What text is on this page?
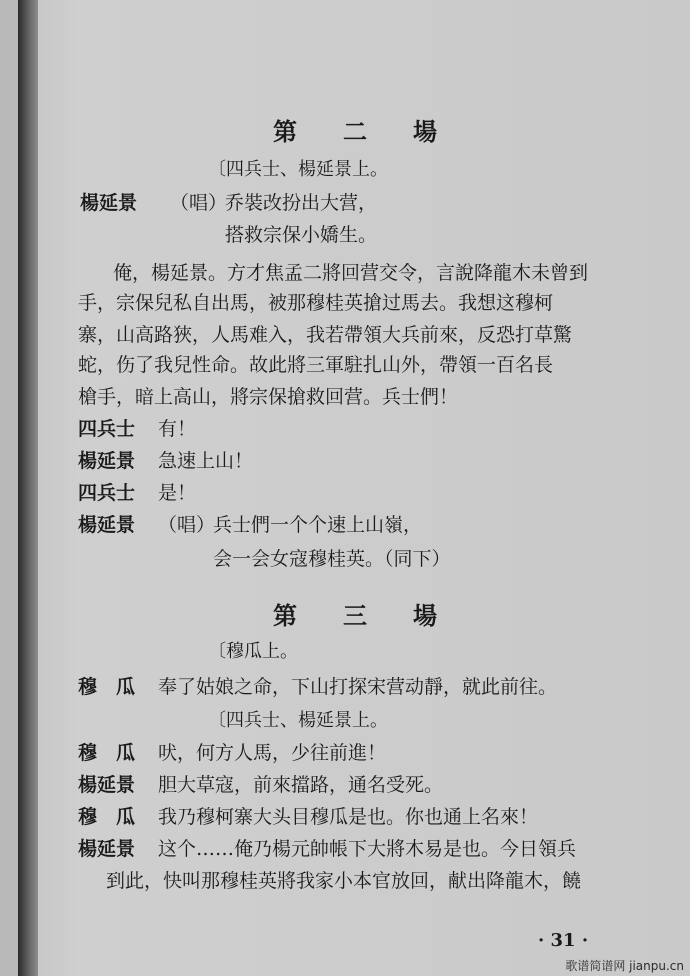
第二場
〔四兵士、楊延景上。
楊延景 （唱）
乔裝改扮出大营，
搭救宗保小嬌生。
俺，楊延景。方才焦孟二將回营交令，言說降龍木未曾到
手，宗保兒私自出馬，被那穆桂英搶过馬去。我想这穆柯
寨，山高路狹，人馬难入，我若帶領大兵前來，反恐打草驚
蛇，伤了我兒性命。故此將三軍駐扎山外，帶領一百名長
槍手，暗上高山，將宗保搶救回营。兵士們！
四兵士 有！
楊延景 急速上山！
四兵士 是！
楊延景 （唱）
兵士們一个个速上山嶺，
会一会女寇穆桂英。（同下）
第三場
〔穆瓜上。
穆　瓜 奉了姑娘之命，下山打探宋营动靜，就此前往。
〔四兵士、楊延景上。
穆　瓜 吠，何方人馬，少往前進！
楊延景 胆大草寇，前來擋路，通名受死。
穆　瓜 我乃穆柯寨大头目穆瓜是也。你也通上名來！
楊延景 这个……俺乃楊元帥帳下大將木易是也。今日領兵
到此，快叫那穆桂英將我家小本官放回，献出降龍木，饒
· 31 ·
歌谱简谱网 jianpu.cn
